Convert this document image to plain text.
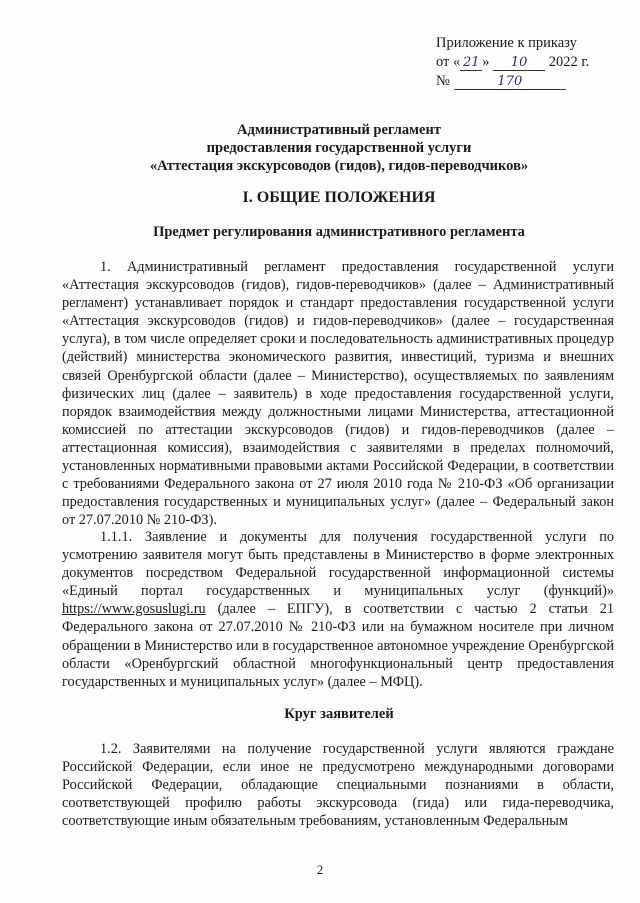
Приложение к приказу
от « 21 » 10 2022 г.
№	170
Административный регламент
предоставления государственной услуги
«Аттестация экскурсоводов (гидов), гидов-переводчиков»
I. ОБЩИЕ ПОЛОЖЕНИЯ
Предмет регулирования административного регламента
1. Административный регламент предоставления государственной услуги «Аттестация экскурсоводов (гидов), гидов-переводчиков» (далее – Административный регламент) устанавливает порядок и стандарт предоставления государственной услуги «Аттестация экскурсоводов (гидов) и гидов-переводчиков» (далее – государственная услуга), в том числе определяет сроки и последовательность административных процедур (действий) министерства экономического развития, инвестиций, туризма и внешних связей Оренбургской области (далее – Министерство), осуществляемых по заявлениям физических лиц (далее – заявитель) в ходе предоставления государственной услуги, порядок взаимодействия между должностными лицами Министерства, аттестационной комиссией по аттестации экскурсоводов (гидов) и гидов-переводчиков (далее – аттестационная комиссия), взаимодействия с заявителями в пределах полномочий, установленных нормативными правовыми актами Российской Федерации, в соответствии с требованиями Федерального закона от 27 июля 2010 года № 210-ФЗ «Об организации предоставления государственных и муниципальных услуг» (далее – Федеральный закон от 27.07.2010 № 210-ФЗ).
1.1.1. Заявление и документы для получения государственной услуги по усмотрению заявителя могут быть представлены в Министерство в форме электронных документов посредством Федеральной государственной информационной системы «Единый портал государственных и муниципальных услуг (функций)» https://www.gosuslugi.ru (далее – ЕПГУ), в соответствии с частью 2 статьи 21 Федерального закона от 27.07.2010 № 210-ФЗ или на бумажном носителе при личном обращении в Министерство или в государственное автономное учреждение Оренбургской области «Оренбургский областной многофункциональный центр предоставления государственных и муниципальных услуг» (далее – МФЦ).
Круг заявителей
1.2. Заявителями на получение государственной услуги являются граждане Российской Федерации, если иное не предусмотрено международными договорами Российской Федерации, обладающие специальными познаниями в области, соответствующей профилю работы экскурсовода (гида) или гида-переводчика, соответствующие иным обязательным требованиям, установленным Федеральным
2
